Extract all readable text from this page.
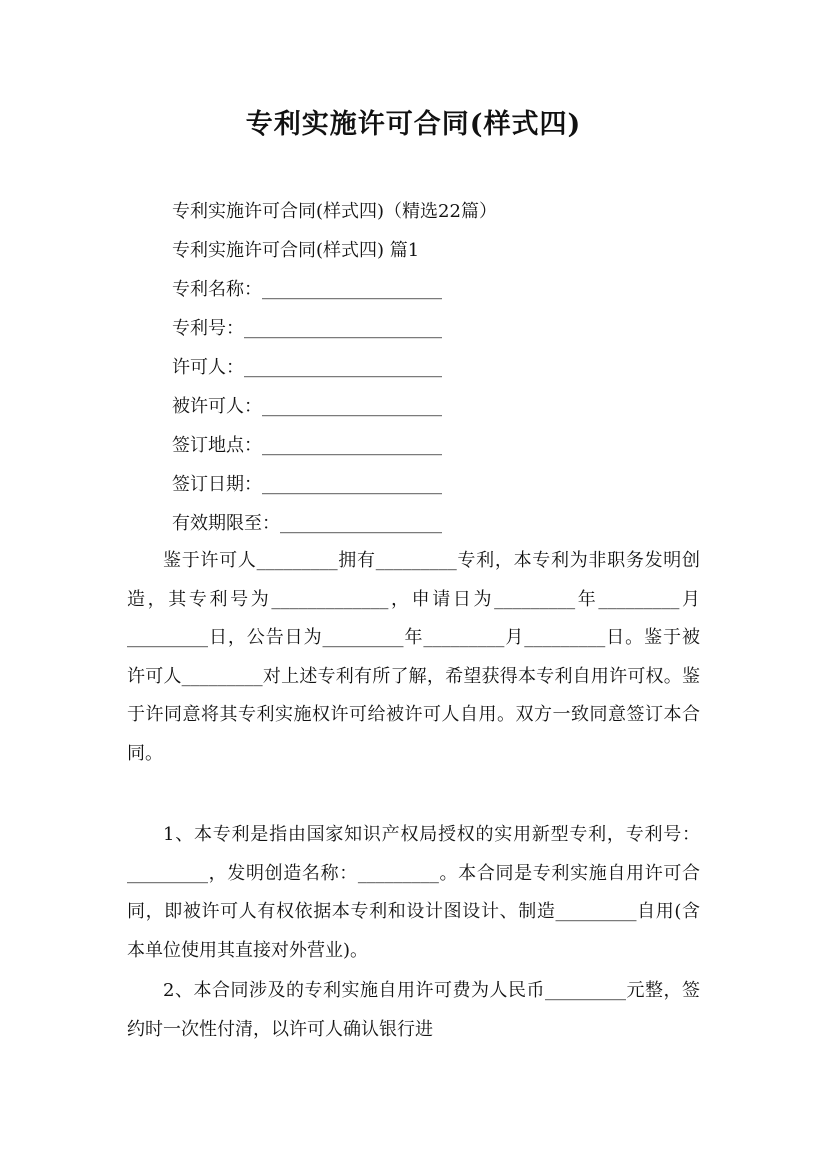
专利实施许可合同(样式四)
专利实施许可合同(样式四)（精选22篇）
专利实施许可合同(样式四) 篇1
专利名称：____________________
专利号：______________________
许可人：______________________
被许可人：____________________
签订地点：____________________
签订日期：____________________
有效期限至：__________________

鉴于许可人_________拥有_________专利，本专利为非职务发明创造，其专利号为_____________，申请日为_________年_________月_________日，公告日为_________年_________月_________日。鉴于被许可人_________对上述专利有所了解，希望获得本专利自用许可权。鉴于许同意将其专利实施权许可给被许可人自用。双方一致同意签订本合同。

1、本专利是指由国家知识产权局授权的实用新型专利，专利号：_________，发明创造名称：_________。本合同是专利实施自用许可合同，即被许可人有权依据本专利和设计图设计、制造_________自用(含本单位使用其直接对外营业)。

2、本合同涉及的专利实施自用许可费为人民币_________元整，签约时一次性付清，以许可人确认银行进
